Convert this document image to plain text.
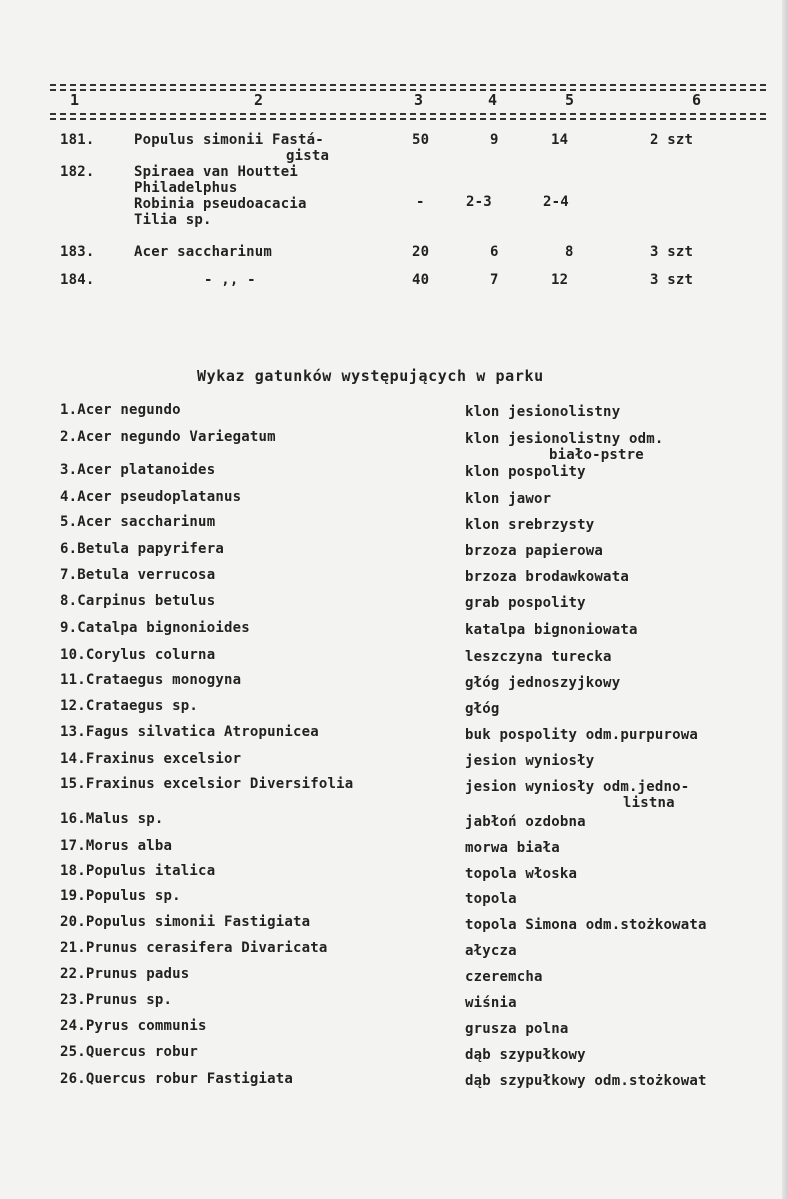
1	2	3	4	5	6
181.	Populus simonii Fastá-
gista
50	9	14	2 szt
182.	Spiraea van Houttei
Philadelphus
Robinia pseudoacacia
Tilia sp.
-	2-3	2-4
183.	Acer saccharinum	20	6	8	3 szt
184.	- ,, -	40	7	12	3 szt
Wykaz gatunków występujących w parku
1.Acer negundo	klon jesionolistny
2.Acer negundo Variegatum	klon jesionolistny odm.
biało-pstre
3.Acer platanoides	klon pospolity
4.Acer pseudoplatanus	klon jawor
5.Acer saccharinum	klon srebrzysty
6.Betula papyrifera	brzoza papierowa
7.Betula verrucosa	brzoza brodawkowata
8.Carpinus betulus	grab pospolity
9.Catalpa bignonioides	katalpa bignoniowata
10.Corylus colurna	leszczyna turecka
11.Crataegus monogyna	głóg jednoszyjkowy
12.Crataegus sp.	głóg
13.Fagus silvatica Atropunicea	buk pospolity odm.purpurowa
14.Fraxinus excelsior	jesion wyniosły
15.Fraxinus excelsior Diversifolia	jesion wyniosły odm.jedno-
listna
16.Malus sp.	jabłoń ozdobna
17.Morus alba	morwa biała
18.Populus italica	topola włoska
19.Populus sp.	topola
20.Populus simonii Fastigiata	topola Simona odm.stożkowata
21.Prunus cerasifera Divaricata	ałycza
22.Prunus padus	czeremcha
23.Prunus sp.	wiśnia
24.Pyrus communis	grusza polna
25.Quercus robur	dąb szypułkowy
26.Quercus robur Fastigiata	dąb szypułkowy odm.stożkowat
